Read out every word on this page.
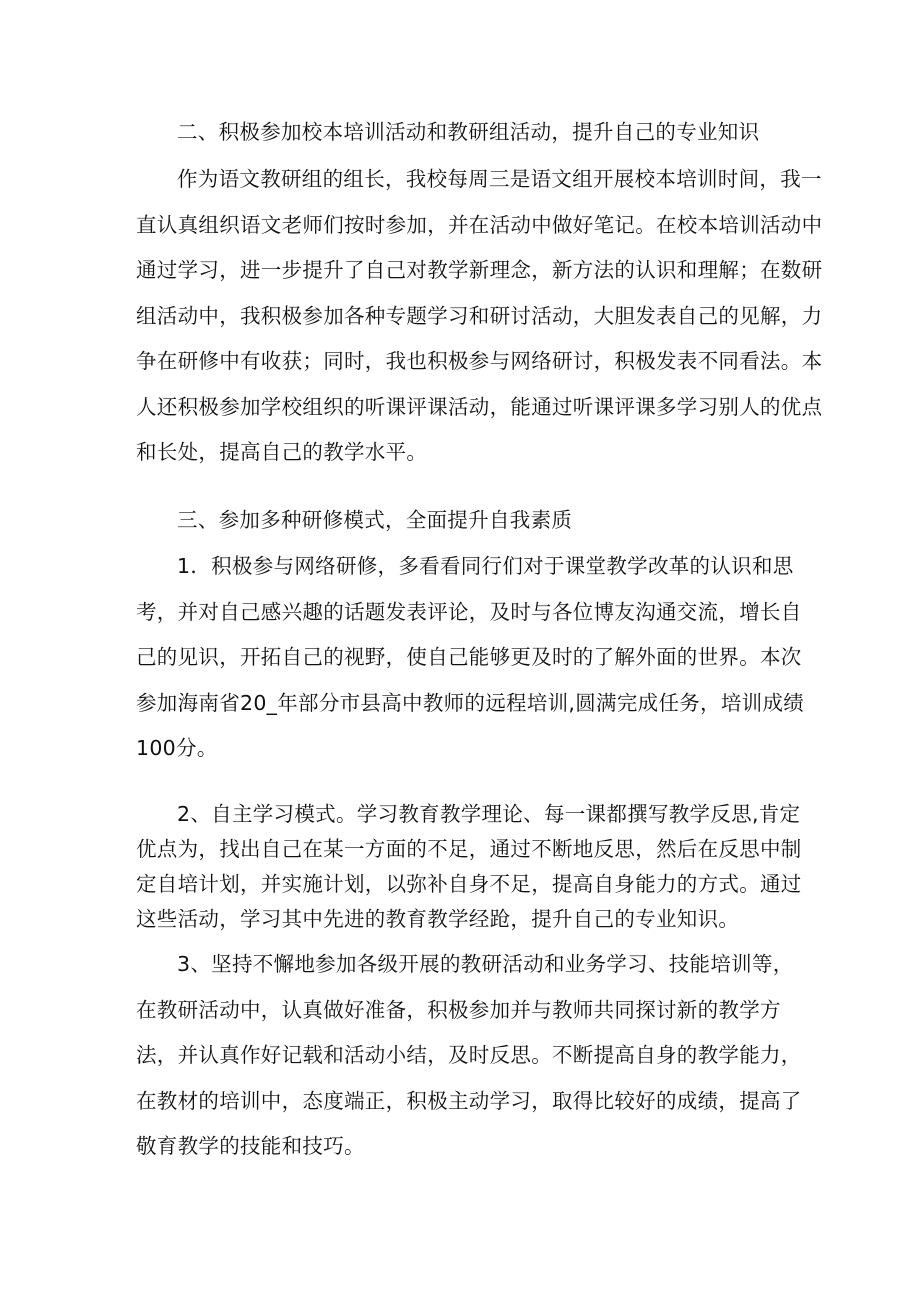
二、积极参加校本培训活动和教研组活动，提升自己的专业知识
作为语文教研组的组长，我校每周三是语文组开展校本培训时间，我一
直认真组织语文老师们按时参加，并在活动中做好笔记。在校本培训活动中
通过学习，进一步提升了自己对教学新理念，新方法的认识和理解；在数研
组活动中，我积极参加各种专题学习和研讨活动，大胆发表自己的见解，力
争在研修中有收获；同时，我也积极参与网络研讨，积极发表不同看法。本
人还积极参加学校组织的听课评课活动，能通过听课评课多学习别人的优点
和长处，提高自己的教学水平。
三、参加多种研修模式，全面提升自我素质
1．积极参与网络研修，多看看同行们对于课堂教学改革的认识和思
考，并对自己感兴趣的话题发表评论，及时与各位博友沟通交流，增长自
己的见识，开拓自己的视野，使自己能够更及时的了解外面的世界。本次
参加海南省20_年部分市县高中教师的远程培训,圆满完成任务，培训成绩
100分。
2、自主学习模式。学习教育教学理论、每一课都撰写教学反思,肯定
优点为，找出自己在某一方面的不足，通过不断地反思，然后在反思中制
定自培计划，并实施计划，以弥补自身不足，提高自身能力的方式。通过
这些活动，学习其中先进的教育教学经跄，提升自己的专业知识。
3、坚持不懈地参加各级开展的教研活动和业务学习、技能培训等，
在教研活动中，认真做好准备，积极参加并与教师共同探讨新的教学方
法，并认真作好记载和活动小结，及时反思。不断提高自身的教学能力，
在教材的培训中，态度端正，积极主动学习，取得比较好的成绩，提高了
敬育教学的技能和技巧。
